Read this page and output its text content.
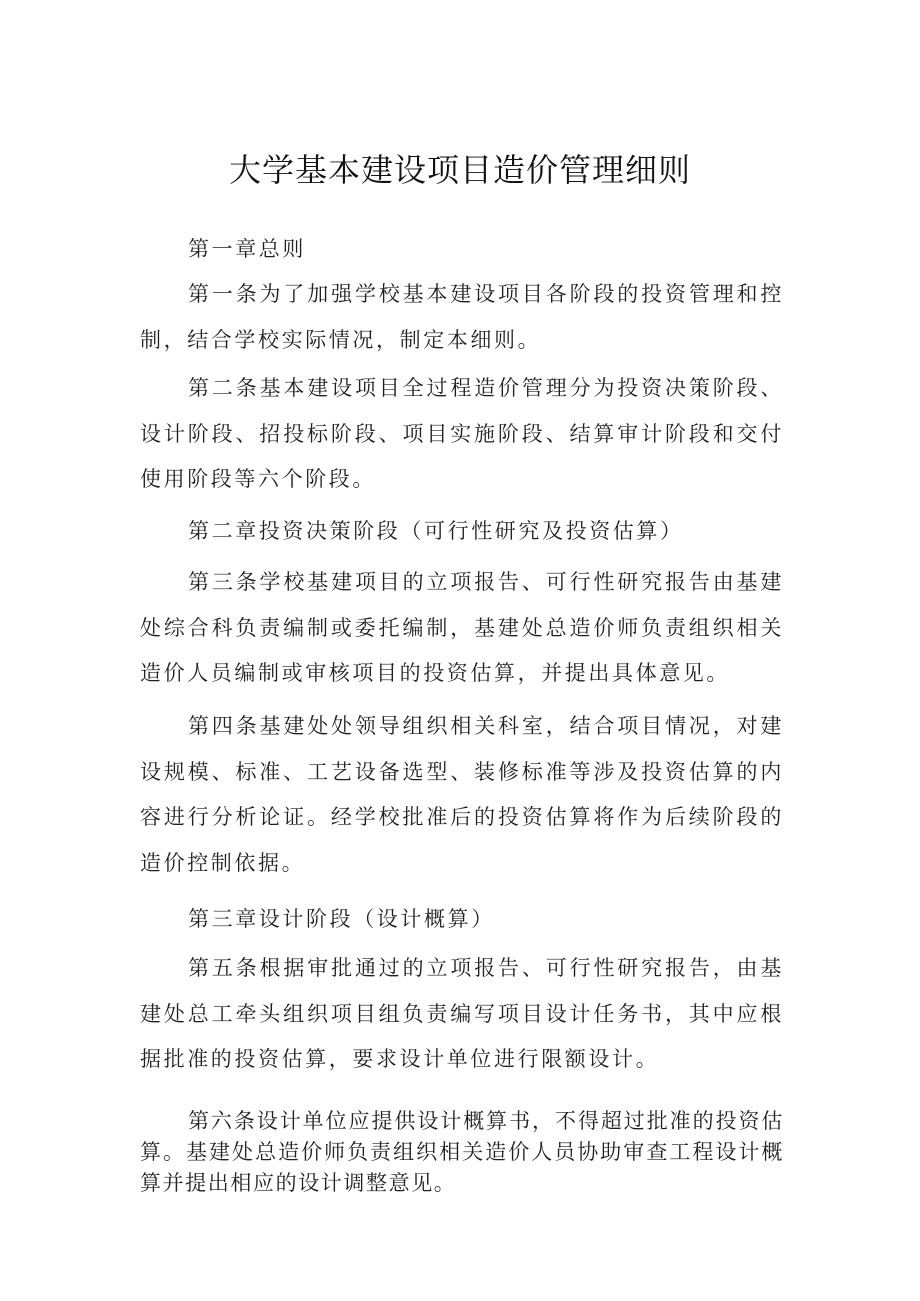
大学基本建设项目造价管理细则

第一章总则

第一条为了加强学校基本建设项目各阶段的投资管理和控制，结合学校实际情况，制定本细则。

第二条基本建设项目全过程造价管理分为投资决策阶段、设计阶段、招投标阶段、项目实施阶段、结算审计阶段和交付使用阶段等六个阶段。

第二章投资决策阶段（可行性研究及投资估算）

第三条学校基建项目的立项报告、可行性研究报告由基建处综合科负责编制或委托编制，基建处总造价师负责组织相关造价人员编制或审核项目的投资估算，并提出具体意见。

第四条基建处处领导组织相关科室，结合项目情况，对建设规模、标准、工艺设备选型、装修标准等涉及投资估算的内容进行分析论证。经学校批准后的投资估算将作为后续阶段的造价控制依据。

第三章设计阶段（设计概算）

第五条根据审批通过的立项报告、可行性研究报告，由基建处总工牵头组织项目组负责编写项目设计任务书，其中应根据批准的投资估算，要求设计单位进行限额设计。

第六条设计单位应提供设计概算书，不得超过批准的投资估算。基建处总造价师负责组织相关造价人员协助审查工程设计概算并提出相应的设计调整意见。
